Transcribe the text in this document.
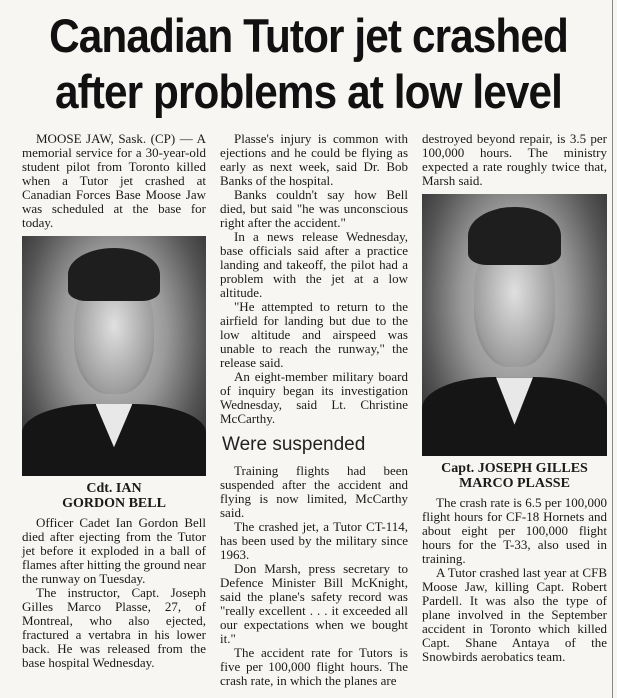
Canadian Tutor jet crashed
after problems at low level

MOOSE JAW, Sask. (CP) — A memorial service for a 30-year-old student pilot from Toronto killed when a Tutor jet crashed at Canadian Forces Base Moose Jaw was scheduled at the base for today.

Cdt. IAN
GORDON BELL

Officer Cadet Ian Gordon Bell died after ejecting from the Tutor jet before it exploded in a ball of flames after hitting the ground near the runway on Tuesday.

The instructor, Capt. Joseph Gilles Marco Plasse, 27, of Montreal, who also ejected, fractured a vertabra in his lower back. He was released from the base hospital Wednesday.

Plasse's injury is common with ejections and he could be flying as early as next week, said Dr. Bob Banks of the hospital.

Banks couldn't say how Bell died, but said "he was unconscious right after the accident."

In a news release Wednesday, base officials said after a practice landing and takeoff, the pilot had a problem with the jet at a low altitude.

"He attempted to return to the airfield for landing but due to the low altitude and airspeed was unable to reach the runway," the release said.

An eight-member military board of inquiry began its investigation Wednesday, said Lt. Christine McCarthy.

Were suspended

Training flights had been suspended after the accident and flying is now limited, McCarthy said.

The crashed jet, a Tutor CT-114, has been used by the military since 1963.

Don Marsh, press secretary to Defence Minister Bill McKnight, said the plane's safety record was "really excellent . . . it exceeded all our expectations when we bought it."

The accident rate for Tutors is five per 100,000 flight hours. The crash rate, in which the planes are

destroyed beyond repair, is 3.5 per 100,000 hours. The ministry expected a rate roughly twice that, Marsh said.

Capt. JOSEPH GILLES
MARCO PLASSE

The crash rate is 6.5 per 100,000 flight hours for CF-18 Hornets and about eight per 100,000 flight hours for the T-33, also used in training.

A Tutor crashed last year at CFB Moose Jaw, killing Capt. Robert Pardell. It was also the type of plane involved in the September accident in Toronto which killed Capt. Shane Antaya of the Snowbirds aerobatics team.
